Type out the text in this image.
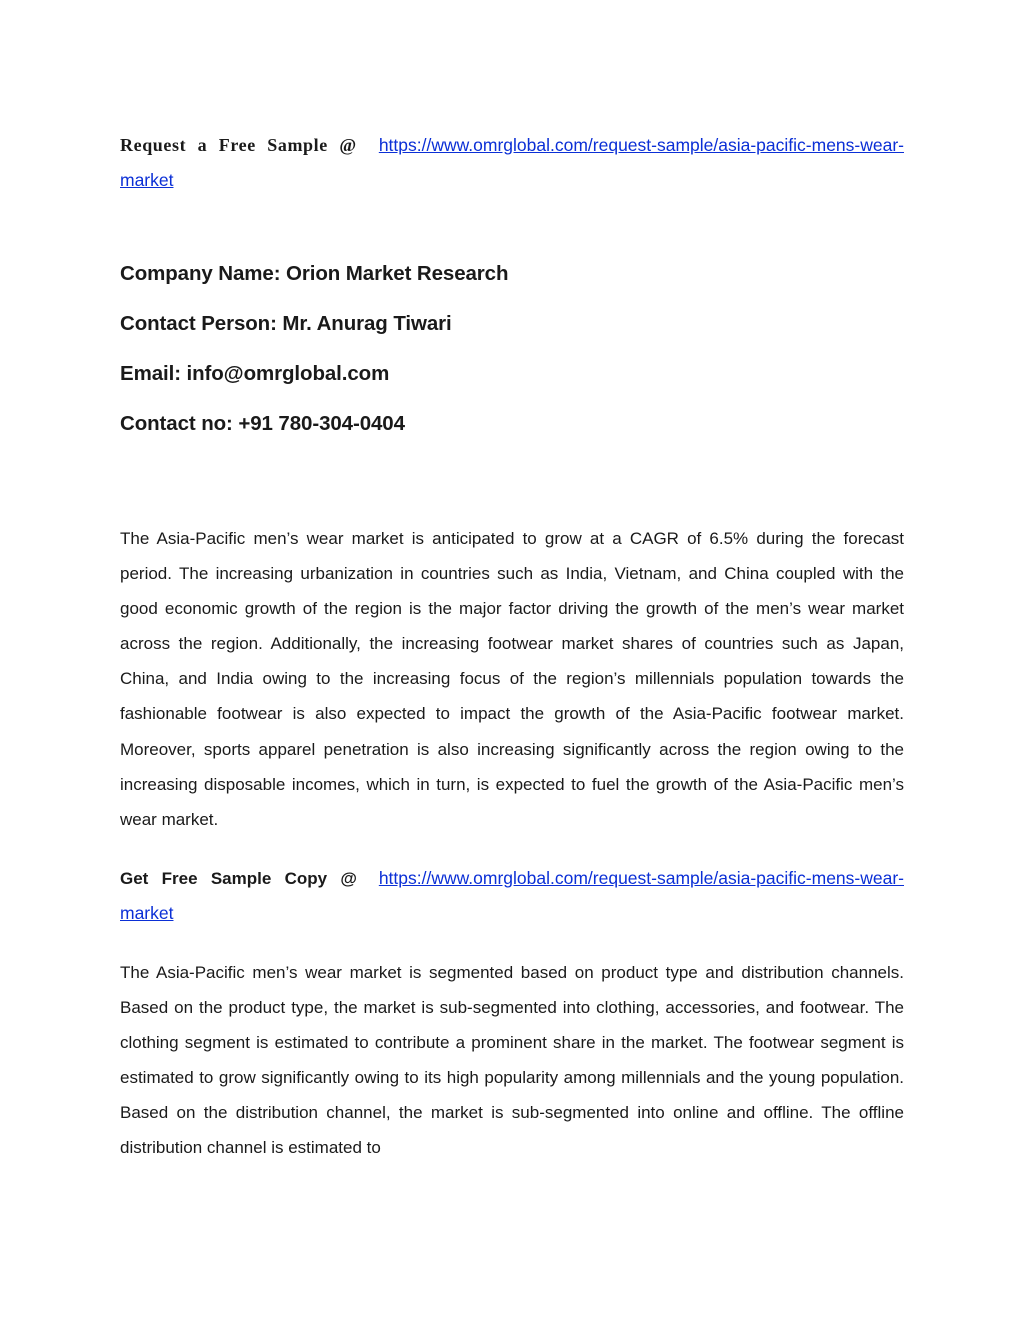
Request a Free Sample @ https://www.omrglobal.com/request-sample/asia-pacific-mens-wear-market
Company Name: Orion Market Research
Contact Person: Mr. Anurag Tiwari
Email: info@omrglobal.com
Contact no: +91 780-304-0404

The Asia-Pacific men’s wear market is anticipated to grow at a CAGR of 6.5% during the forecast period. The increasing urbanization in countries such as India, Vietnam, and China coupled with the good economic growth of the region is the major factor driving the growth of the men’s wear market across the region. Additionally, the increasing footwear market shares of countries such as Japan, China, and India owing to the increasing focus of the region’s millennials population towards the fashionable footwear is also expected to impact the growth of the Asia-Pacific footwear market. Moreover, sports apparel penetration is also increasing significantly across the region owing to the increasing disposable incomes, which in turn, is expected to fuel the growth of the Asia-Pacific men’s wear market.

Get Free Sample Copy @ https://www.omrglobal.com/request-sample/asia-pacific-mens-wear-market

The Asia-Pacific men’s wear market is segmented based on product type and distribution channels. Based on the product type, the market is sub-segmented into clothing, accessories, and footwear. The clothing segment is estimated to contribute a prominent share in the market. The footwear segment is estimated to grow significantly owing to its high popularity among millennials and the young population. Based on the distribution channel, the market is sub-segmented into online and offline. The offline distribution channel is estimated to
